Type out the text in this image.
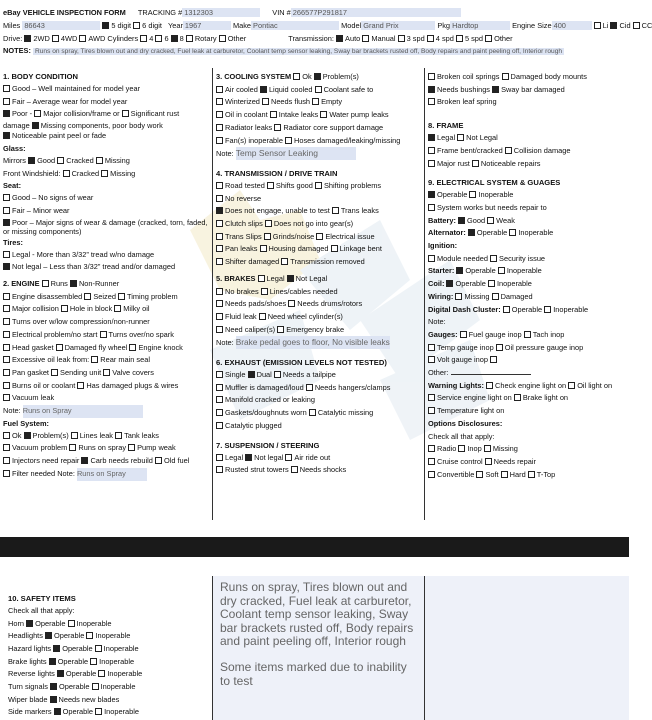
eBay VEHICLE INSPECTION FORM TRACKING # 1312303	VIN # 266577P291817
Miles 86643	5 digit 6 digit Year 1967	Make Pontiac	Model Grand Prix	Pkg Hardtop	Engine Size 400	Li Cid CC
Drive: 2WD 4WD AWD Cylinders 4 6 8 Rotary Other	Transmission: Auto Manual 3 spd 4 spd 5 spd Other
NOTES: Runs on spray, Tires blown out and dry cracked, Fuel leak at carburetor, Coolant temp sensor leaking, Sway bar brackets rusted off, Body repairs and paint peeling off, Interior rough
1. BODY CONDITION
Good – Well maintained for model year
Fair – Average wear for model year
Poor - Major collision/frame or Significant rust
damage Missing components, poor body work
Noticeable paint peel or fade
Glass:
Mirrors Good Cracked Missing
Front Windshield: Cracked Missing
Seat:
Good – No signs of wear
Fair – Minor wear
Poor – Major signs of wear & damage (cracked, torn, faded, or missing components)
Tires:
Legal - More than 3/32” tread w/no damage
Not legal – Less than 3/32” tread and/or damaged
2. ENGINE Runs Non-Runner
Engine disassembled Seized Timing problem
Major collision Hole in block Milky oil
Turns over w/low compression/non-runner
Electrical problem/no start Turns over/no spark
Head gasket Damaged fly wheel Engine knock
Excessive oil leak from: Rear main seal
Pan gasket Sending unit Valve covers
Burns oil or coolant Has damaged plugs & wires
Vacuum leak
Note: Runs on Spray
Fuel System:
Ok Problem(s) Lines leak Tank leaks
Vacuum problem Runs on spray Pump weak
Injectors need repair Carb needs rebuild Old fuel
Filter needed Note: Runs on Spray
3. COOLING SYSTEM Ok Problem(s)
Air cooled Liquid cooled Coolant safe to
Winterized Needs flush Empty
Oil in coolant Intake leaks Water pump leaks
Radiator leaks Radiator core support damage
Fan(s) inoperable Hoses damaged/leaking/missing
Note: Temp Sensor Leaking
4. TRANSMISSION / DRIVE TRAIN
Road tested Shifts good Shifting problems
No reverse
Does not engage, unable to test Trans leaks
Clutch slips Does not go into gear(s)
Trans Slips Grinds/noise Electrical issue
Pan leaks Housing damaged Linkage bent
Shifter damaged Transmission removed
5. BRAKES Legal Not Legal
No brakes Lines/cables needed
Needs pads/shoes Needs drums/rotors
Fluid leak Need wheel cylinder(s)
Need caliper(s) Emergency brake
Note: Brake pedal goes to floor, No visible leaks
6. EXHAUST (EMISSION LEVELS NOT TESTED)
Single Dual Needs a tailpipe
Muffler is damaged/loud Needs hangers/clamps
Manifold cracked or leaking
Gaskets/doughnuts worn Catalytic missing
Catalytic plugged
7. SUSPENSION / STEERING
Legal Not legal Air ride out
Rusted strut towers Needs shocks
Broken coil springs Damaged body mounts
Needs bushings Sway bar damaged
Broken leaf spring
8. FRAME
Legal Not Legal
Frame bent/cracked Collision damage
Major rust Noticeable repairs
9. ELECTRICAL SYSTEM & GUAGES
Operable Inoperable
System works but needs repair to
Battery: Good Weak
Alternator: Operable Inoperable
Ignition:
Module needed Security issue
Starter: Operable Inoperable
Coil: Operable Inoperable
Wiring: Missing Damaged
Digital Dash Cluster: Operable Inoperable
Note:
Gauges: Fuel gauge inop Tach inop
Temp gauge inop Oil pressure gauge inop
Volt gauge inop
Other:
Warning Lights: Check engine light on Oil light on
Service engine light on Brake light on
Temperature light on
Options Disclosures:
Check all that apply:
Radio Inop Missing
Cruise control Needs repair
Convertible Soft Hard T-Top
10. SAFETY ITEMS
Check all that apply:
Horn Operable Inoperable
Headlights Operable Inoperable
Hazard lights Operable Inoperable
Brake lights Operable Inoperable
Reverse lights Operable Inoperable
Turn signals Operable Inoperable
Wiper blade Needs new blades
Side markers Operable Inoperable
Runs on spray, Tires blown out and dry cracked, Fuel leak at carburetor, Coolant temp sensor leaking, Sway bar brackets rusted off, Body repairs and paint peeling off, Interior rough
Some items marked due to inability to test
